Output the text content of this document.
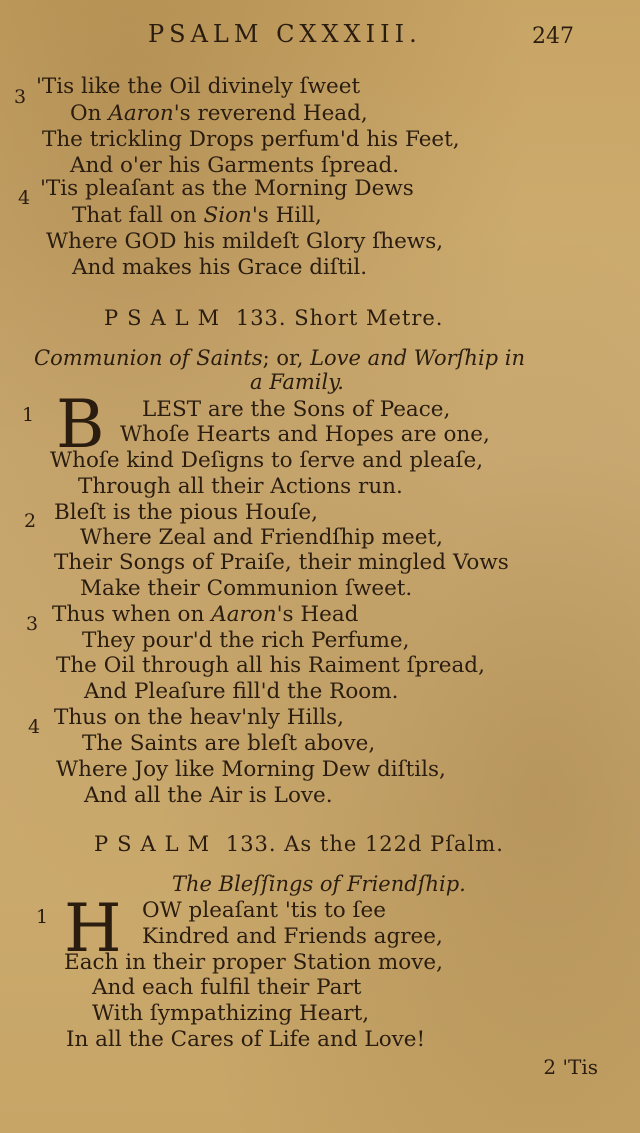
PSALM CXXXIII.	247
3 'Tis like the Oil divinely ſweet
On Aaron's reverend Head,
The trickling Drops perfum'd his Feet,
And o'er his Garments ſpread.
4 'Tis pleaſant as the Morning Dews
That fall on Sion's Hill,
Where GOD his mildeſt Glory ſhews,
And makes his Grace diſtil.
PSALM 133. Short Metre.
Communion of Saints; or, Love and Worſhip in
a Family.
1 B LEST are the Sons of Peace,
Whoſe Hearts and Hopes are one,
Whoſe kind Deſigns to ſerve and pleaſe,
Through all their Actions run.
2 Bleſt is the pious Houſe,
Where Zeal and Friendſhip meet,
Their Songs of Praiſe, their mingled Vows
Make their Communion ſweet.
3 Thus when on Aaron's Head
They pour'd the rich Perfume,
The Oil through all his Raiment ſpread,
And Pleaſure fill'd the Room.
4 Thus on the heav'nly Hills,
The Saints are bleſt above,
Where Joy like Morning Dew diſtils,
And all the Air is Love.
PSALM 133. As the 122d Pſalm.
The Bleſſings of Friendſhip.
1 H OW pleaſant 'tis to ſee
Kindred and Friends agree,
Each in their proper Station move,
And each fulfil their Part
With ſympathizing Heart,
In all the Cares of Life and Love!
2 'Tis
